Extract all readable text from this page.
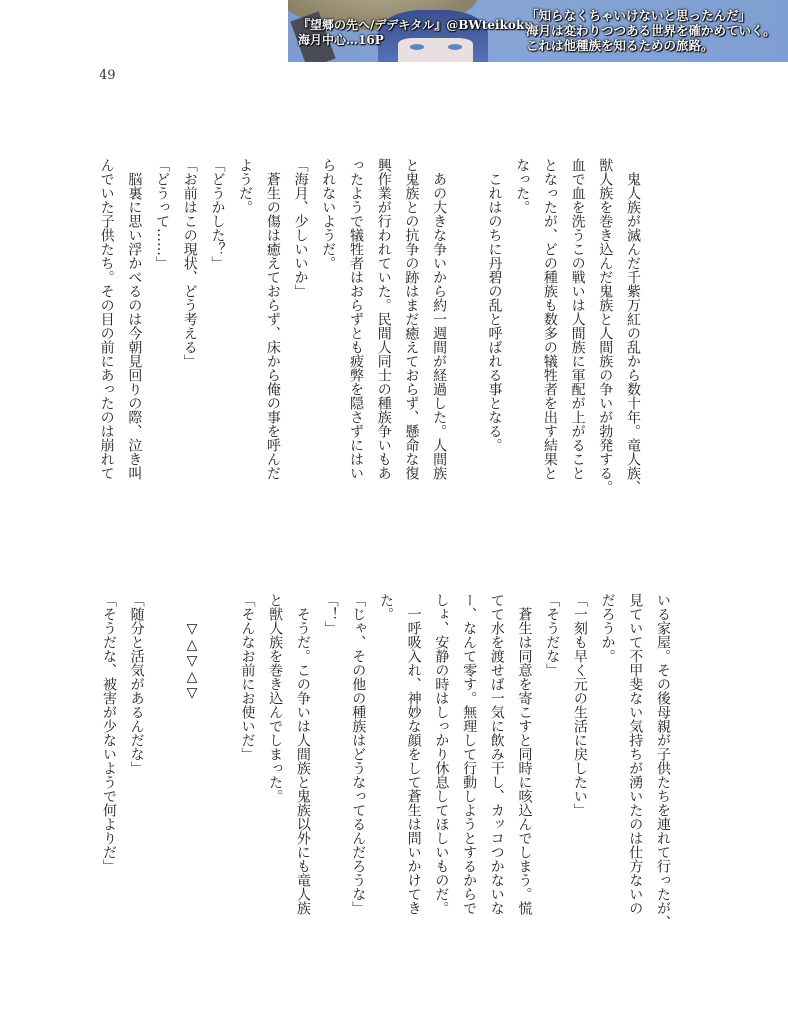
『望郷の先へ/デデキタル』@BWteikoku
海月中心…16P
「知らなくちゃいけないと思ったんだ」
海月は変わりつつある世界を確かめていく。
これは他種族を知るための旅路。
49
　鬼人族が滅んだ千紫万紅の乱から数十年。竜人族、
獣人族を巻き込んだ鬼族と人間族の争いが勃発する。
血で血を洗うこの戦いは人間族に軍配が上がること
となったが、どの種族も数多の犠牲者を出す結果と
なった。
　これはのちに丹碧の乱と呼ばれる事となる。
　あの大きな争いから約一週間が経過した。人間族
と鬼族との抗争の跡はまだ癒えておらず、懸命な復
興作業が行われていた。民間人同士の種族争いもあ
ったようで犠牲者はおらずとも疲弊を隠さずにはい
られないようだ。
「海月、少しいいか」
　蒼生の傷は癒えておらず、床から俺の事を呼んだ
ようだ。
「どうかした？」
「お前はこの現状、どう考える」
「どうって……」
　脳裏に思い浮かべるのは今朝見回りの際、泣き叫
んでいた子供たち。その目の前にあったのは崩れて
いる家屋。その後母親が子供たちを連れて行ったが、
見ていて不甲斐ない気持ちが湧いたのは仕方ないの
だろうか。
「一刻も早く元の生活に戻したい」
「そうだな」
　蒼生は同意を寄こすと同時に咳込んでしまう。慌
てて水を渡せば一気に飲み干し、カッコつかないな
ー、なんて零す。無理して行動しようとするからで
しょ、安静の時はしっかり休息してほしいものだ。
　一呼吸入れ、神妙な顔をして蒼生は問いかけてき
た。
「じゃ、その他の種族はどうなってるんだろうな」
「！」
　そうだ。この争いは人間族と鬼族以外にも竜人族
と獣人族を巻き込んでしまった。
「そんなお前にお使いだ」
　　▽△▽△▽
「随分と活気があるんだな」
「そうだな、被害が少ないようで何よりだ」
